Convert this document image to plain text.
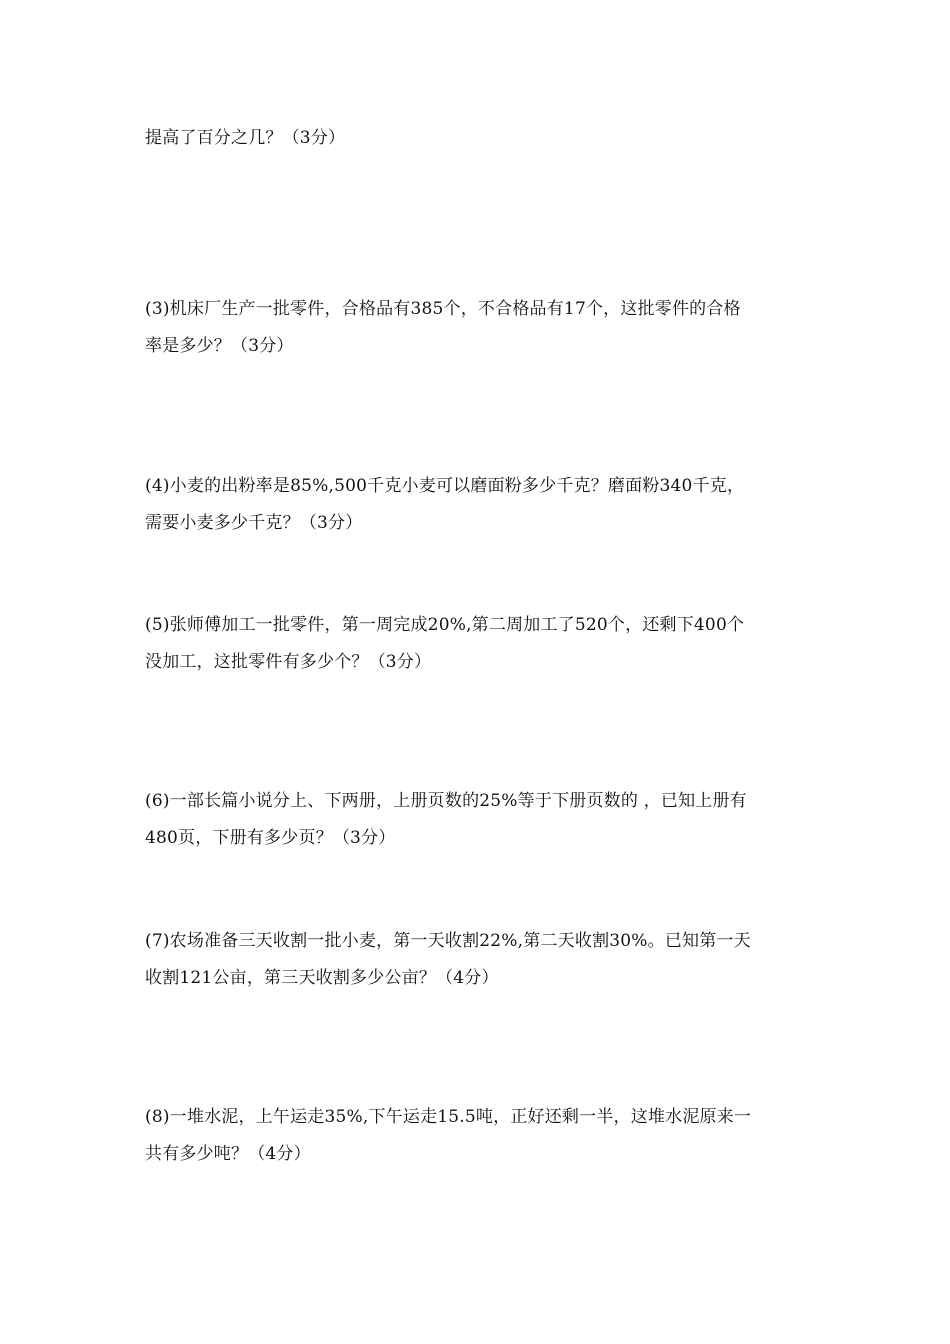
提高了百分之几？（3分）
(3)机床厂生产一批零件，合格品有385个，不合格品有17个，这批零件的合格
率是多少？（3分）
(4)小麦的出粉率是85%,500千克小麦可以磨面粉多少千克？磨面粉340千克，
需要小麦多少千克？（3分）
(5)张师傅加工一批零件，第一周完成20%,第二周加工了520个，还剩下400个
没加工，这批零件有多少个？（3分）
(6)一部长篇小说分上、下两册，上册页数的25%等于下册页数的 ，已知上册有
480页，下册有多少页？（3分）
(7)农场准备三天收割一批小麦，第一天收割22%,第二天收割30%。已知第一天
收割121公亩，第三天收割多少公亩？（4分）
(8)一堆水泥，上午运走35%,下午运走15.5吨，正好还剩一半，这堆水泥原来一
共有多少吨？（4分）
